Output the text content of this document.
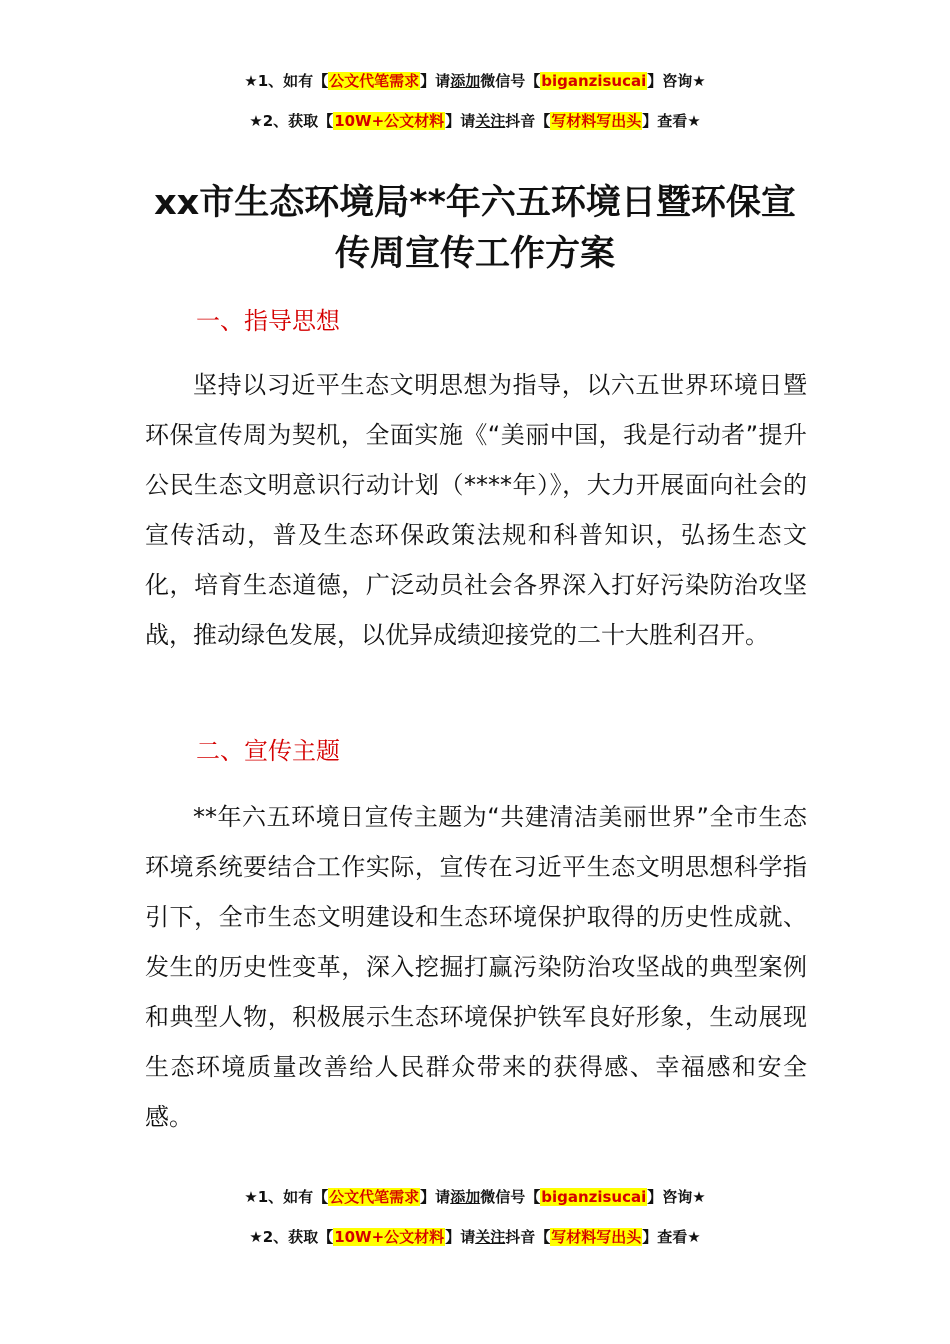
★1、如有【公文代笔需求】请添加微信号【biganzisucai】咨询★
★2、获取【10W+公文材料】请关注抖音【写材料写出头】查看★
xx市生态环境局**年六五环境日暨环保宣
传周宣传工作方案
一、指导思想

坚持以习近平生态文明思想为指导，以六五世界环境日暨环保宣传周为契机，全面实施《“美丽中国，我是行动者”提升公民生态文明意识行动计划（****年）》，大力开展面向社会的宣传活动，普及生态环保政策法规和科普知识，弘扬生态文化，培育生态道德，广泛动员社会各界深入打好污染防治攻坚战，推动绿色发展，以优异成绩迎接党的二十大胜利召开。

二、宣传主题

**年六五环境日宣传主题为“共建清洁美丽世界”全市生态环境系统要结合工作实际，宣传在习近平生态文明思想科学指引下，全市生态文明建设和生态环境保护取得的历史性成就、发生的历史性变革，深入挖掘打赢污染防治攻坚战的典型案例和典型人物，积极展示生态环境保护铁军良好形象，生动展现生态环境质量改善给人民群众带来的获得感、幸福感和安全感。

★1、如有【公文代笔需求】请添加微信号【biganzisucai】咨询★
★2、获取【10W+公文材料】请关注抖音【写材料写出头】查看★
